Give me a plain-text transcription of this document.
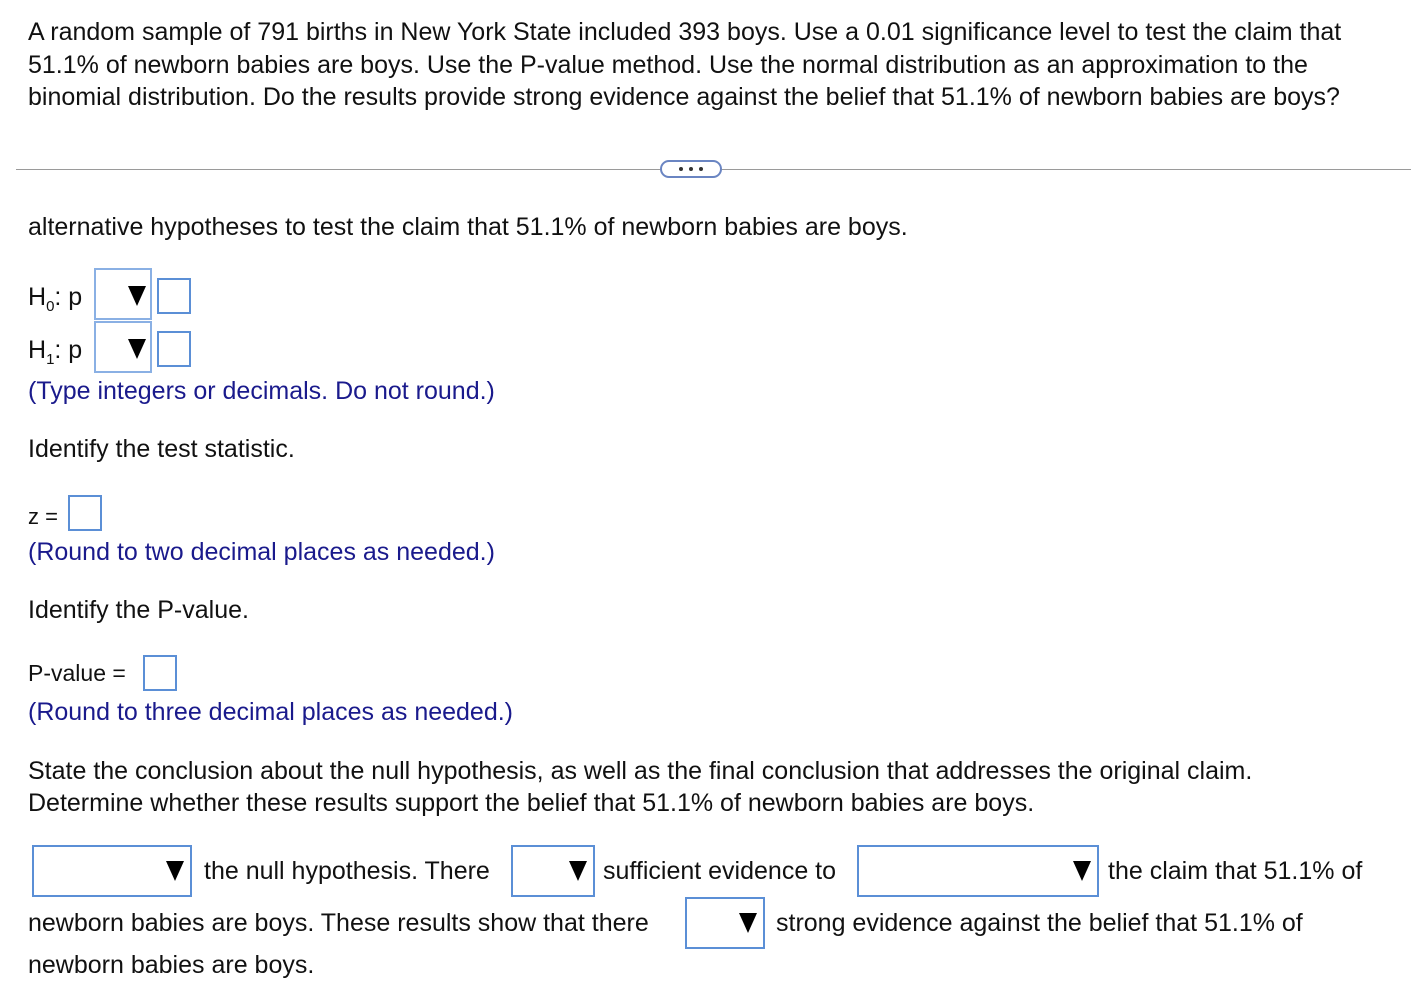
A random sample of 791 births in New York State included 393 boys. Use a 0.01 significance level to test the claim that 51.1% of newborn babies are boys. Use the P-value method. Use the normal distribution as an approximation to the binomial distribution. Do the results provide strong evidence against the belief that 51.1% of newborn babies are boys?
alternative hypotheses to test the claim that 51.1% of newborn babies are boys.
$H_0$: p
$H_1$: p
(Type integers or decimals. Do not round.)
Identify the test statistic.
z =
(Round to two decimal places as needed.)
Identify the P-value.
P-value =
(Round to three decimal places as needed.)
State the conclusion about the null hypothesis, as well as the final conclusion that addresses the original claim.
Determine whether these results support the belief that 51.1% of newborn babies are boys.
the null hypothesis. There	sufficient evidence to	the claim that 51.1% of
newborn babies are boys. These results show that there	strong evidence against the belief that 51.1% of
newborn babies are boys.
